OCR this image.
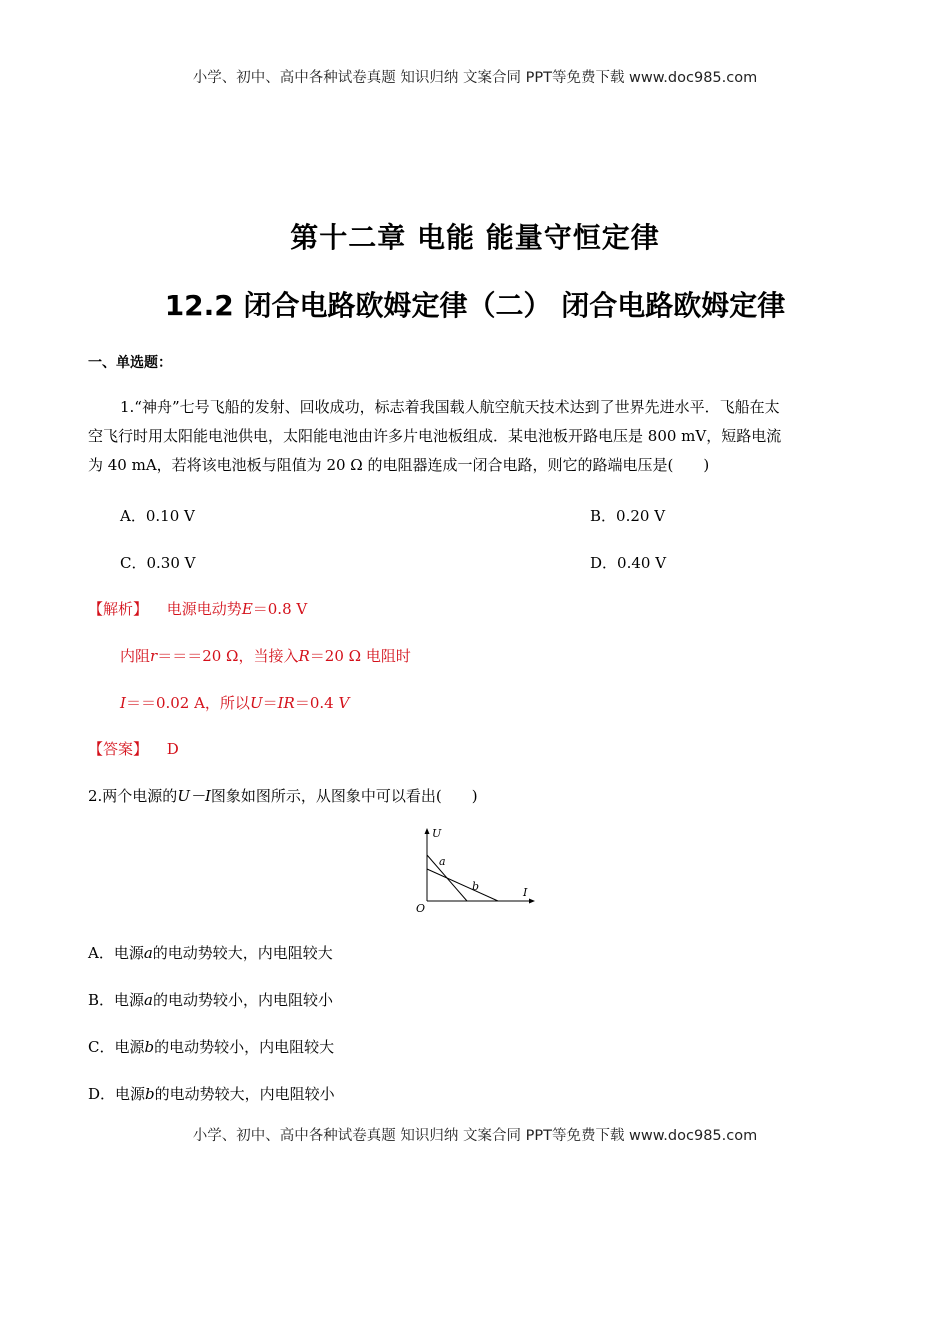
小学、初中、高中各种试卷真题 知识归纳 文案合同 PPT等免费下载 www.doc985.com
第十二章 电能 能量守恒定律
12.2 闭合电路欧姆定律（二） 闭合电路欧姆定律
一、单选题：
1.“神舟”七号飞船的发射、回收成功，标志着我国载人航空航天技术达到了世界先进水平．飞船在太
空飞行时用太阳能电池供电，太阳能电池由许多片电池板组成．某电池板开路电压是 800 mV，短路电流
为 40 mA，若将该电池板与阻值为 20 Ω 的电阻器连成一闭合电路，则它的路端电压是(　　)
A．0.10 V	B．0.20 V
C．0.30 V	D．0.40 V
【解析】 电源电动势E＝0.8 V
内阻r＝＝＝20 Ω，当接入R＝20 Ω 电阻时
I＝＝0.02 A，所以U＝IR＝0.4 V
【答案】 D
2.两个电源的U－I图象如图所示，从图象中可以看出(　　)
U
I
O
a
b
A．电源a的电动势较大，内电阻较大
B．电源a的电动势较小，内电阻较小
C．电源b的电动势较小，内电阻较大
D．电源b的电动势较大，内电阻较小
小学、初中、高中各种试卷真题 知识归纳 文案合同 PPT等免费下载 www.doc985.com
